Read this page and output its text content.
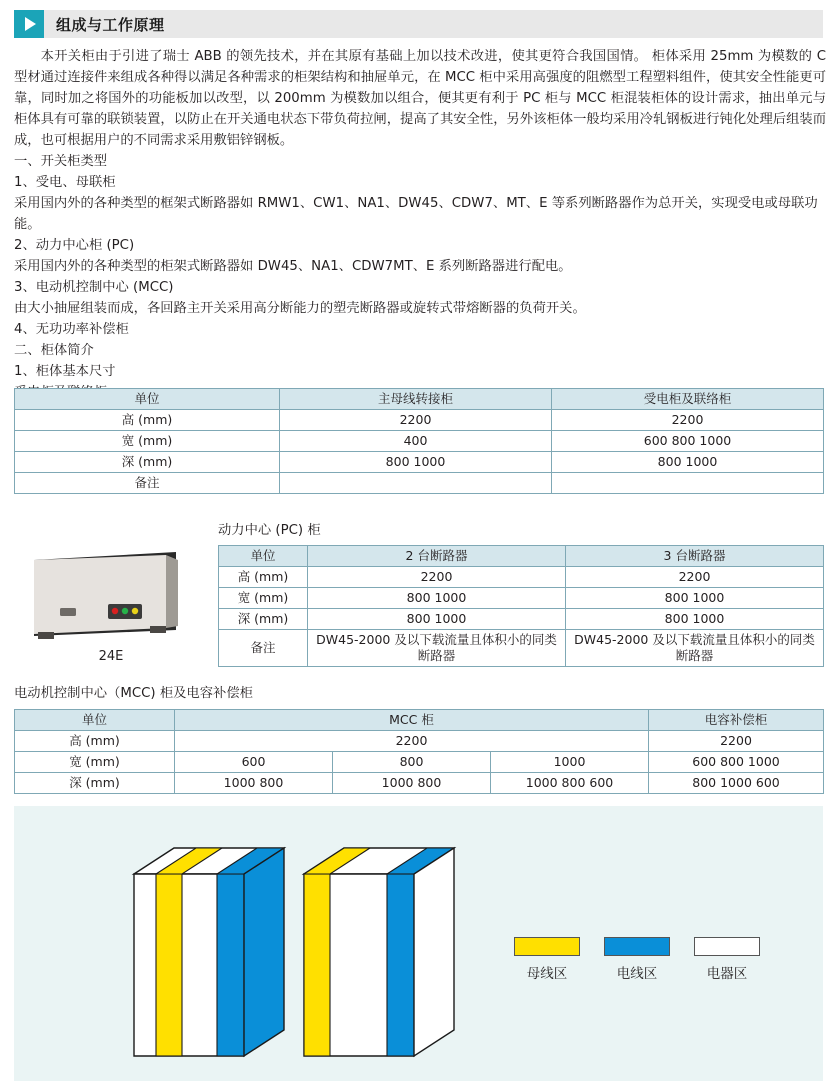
组成与工作原理

本开关柜由于引进了瑞士 ABB 的领先技术，并在其原有基础上加以技术改进，使其更符合我国国情。 柜体采用 25mm 为模数的 C 型材通过连接件来组成各种得以满足各种需求的柜架结构和抽屉单元，在 MCC 柜中采用高强度的阻燃型工程塑料组件，使其安全性能更可靠，同时加之将国外的功能板加以改型，以 200mm 为模数加以组合，便其更有利于 PC 柜与 MCC 柜混装柜体的设计需求，抽出单元与柜体具有可靠的联锁装置，以防止在开关通电状态下带负荷拉闸，提高了其安全性，另外该柜体一般均采用冷轧钢板进行钝化处理后组装而成，也可根据用户的不同需求采用敷铝锌钢板。

一、开关柜类型

1、受电、母联柜

采用国内外的各种类型的框架式断路器如 RMW1、CW1、NA1、DW45、CDW7、MT、E 等系列断路器作为总开关，实现受电或母联功能。

2、动力中心柜 (PC)

采用国内外的各种类型的柜架式断路器如 DW45、NA1、CDW7MT、E 系列断路器进行配电。

3、电动机控制中心 (MCC)

由大小抽屉组装而成，各回路主开关采用高分断能力的塑壳断路器或旋转式带熔断器的负荷开关。

4、无功功率补偿柜

二、柜体简介

1、柜体基本尺寸

单位	主母线转接柜	受电柜及联络柜
高 (mm)	2200	2200
宽 (mm)	400	600 800 1000
深 (mm)	800 1000	800 1000
备注		
动力中心 (PC) 柜
24E
单位	2 台断路器	3 台断路器
高 (mm)	2200	2200
宽 (mm)	800 1000	800 1000
深 (mm)	800 1000	800 1000
备注	DW45-2000 及以下载流量且体积小的同类断路器	DW45-2000 及以下载流量且体积小的同类断路器
电动机控制中心（MCC) 柜及电容补偿柜
单位	MCC 柜			电容补偿柜
高 (mm)	2200			2200
宽 (mm)	600	800	1000	600 800 1000
深 (mm)	1000 800	1000 800	1000 800 600	800 1000 600
母线区	电线区	电器区
